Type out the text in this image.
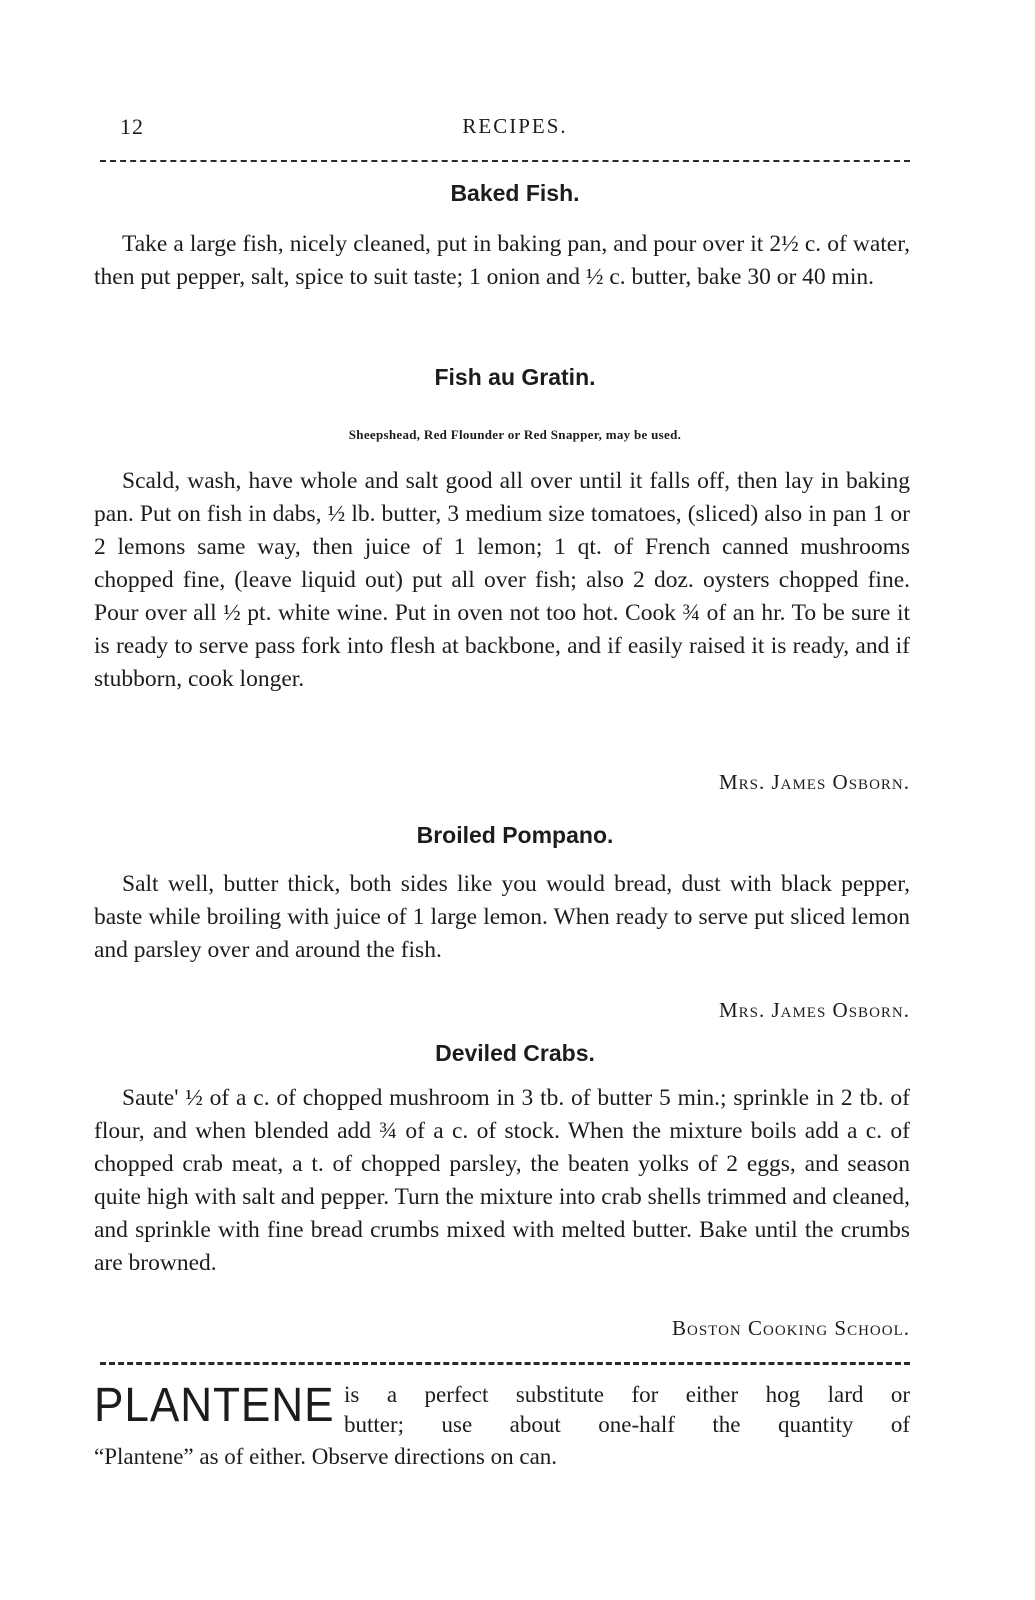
12	RECIPES.
Baked Fish.

Take a large fish, nicely cleaned, put in baking pan, and pour over it 2½ c. of water, then put pepper, salt, spice to suit taste; 1 onion and ½ c. butter, bake 30 or 40 min.

Fish au Gratin.
Sheepshead, Red Flounder or Red Snapper, may be used.

Scald, wash, have whole and salt good all over until it falls off, then lay in baking pan. Put on fish in dabs, ½ lb. butter, 3 medium size tomatoes, (sliced) also in pan 1 or 2 lemons same way, then juice of 1 lemon; 1 qt. of French canned mushrooms chopped fine, (leave liquid out) put all over fish; also 2 doz. oysters chopped fine. Pour over all ½ pt. white wine. Put in oven not too hot. Cook ¾ of an hr. To be sure it is ready to serve pass fork into flesh at backbone, and if easily raised it is ready, and if stubborn, cook longer.

Mrs. James Osborn.
Broiled Pompano.

Salt well, butter thick, both sides like you would bread, dust with black pepper, baste while broiling with juice of 1 large lemon. When ready to serve put sliced lemon and parsley over and around the fish.

Mrs. James Osborn.
Deviled Crabs.

Saute' ½ of a c. of chopped mushroom in 3 tb. of butter 5 min.; sprinkle in 2 tb. of flour, and when blended add ¾ of a c. of stock. When the mixture boils add a c. of chopped crab meat, a t. of chopped parsley, the beaten yolks of 2 eggs, and season quite high with salt and pepper. Turn the mixture into crab shells trimmed and cleaned, and sprinkle with fine bread crumbs mixed with melted butter. Bake until the crumbs are browned.

Boston Cooking School.
PLANTENE is a perfect substitute for either hog lard or
butter; use about one-half the quantity of
“Plantene” as of either. Observe directions on can.
